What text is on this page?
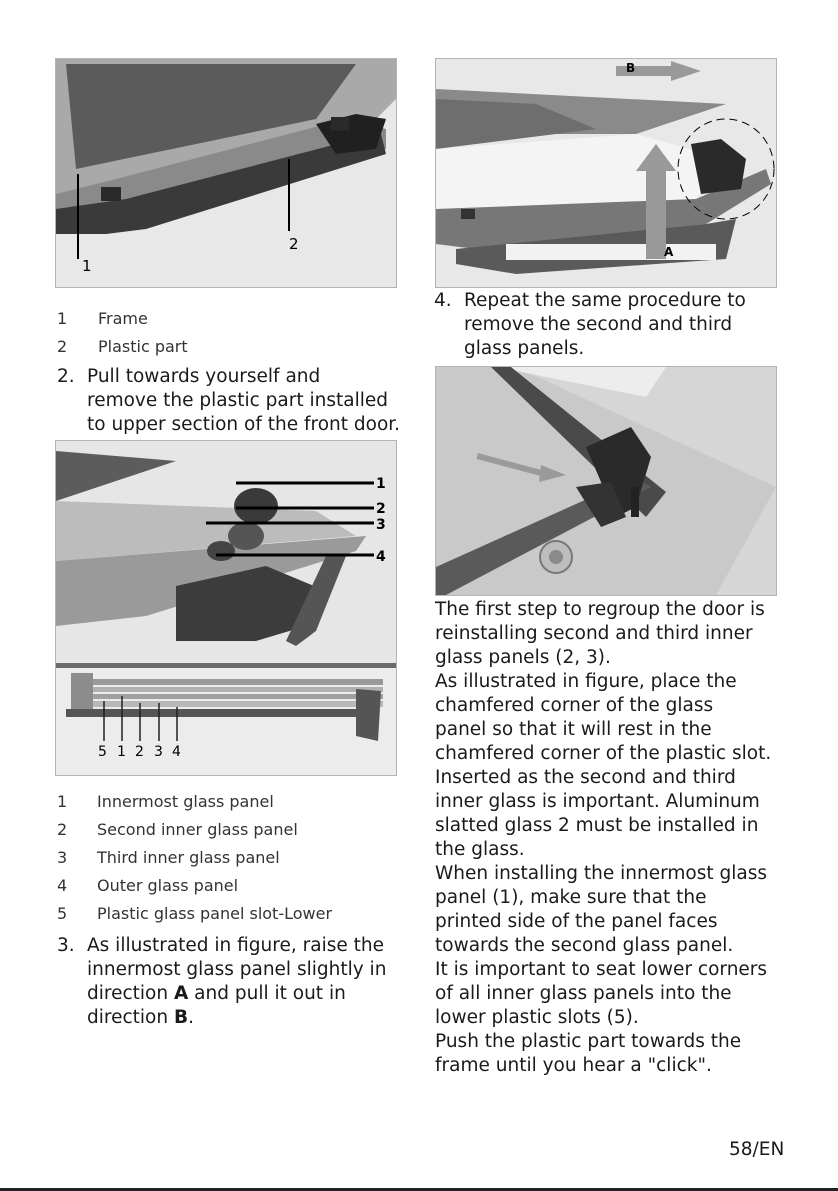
1
2
1	Frame
2	Plastic part
2. Pull towards yourself and
remove the plastic part installed
to upper section of the front door.
1
2
3
4
5 1 2 3 4
1	Innermost glass panel
2	Second inner glass panel
3	Third inner glass panel
4	Outer glass panel
5	Plastic glass panel slot-Lower
3. As illustrated in figure, raise the
innermost glass panel slightly in
direction A and pull it out in
direction B.
B
A
4. Repeat the same procedure to
remove the second and third
glass panels.

The first step to regroup the door is

reinstalling second and third inner

glass panels (2, 3).

As illustrated in figure, place the

chamfered corner of the glass

panel so that it will rest in the

chamfered corner of the plastic slot.

Inserted as the second and third

inner glass is important. Aluminum

slatted glass 2 must be installed in

the glass.

When installing the innermost glass

panel (1), make sure that the

printed side of the panel faces

towards the second glass panel.

It is important to seat lower corners

of all inner glass panels into the

lower plastic slots (5).

Push the plastic part towards the

frame until you hear a "click".

58/EN
